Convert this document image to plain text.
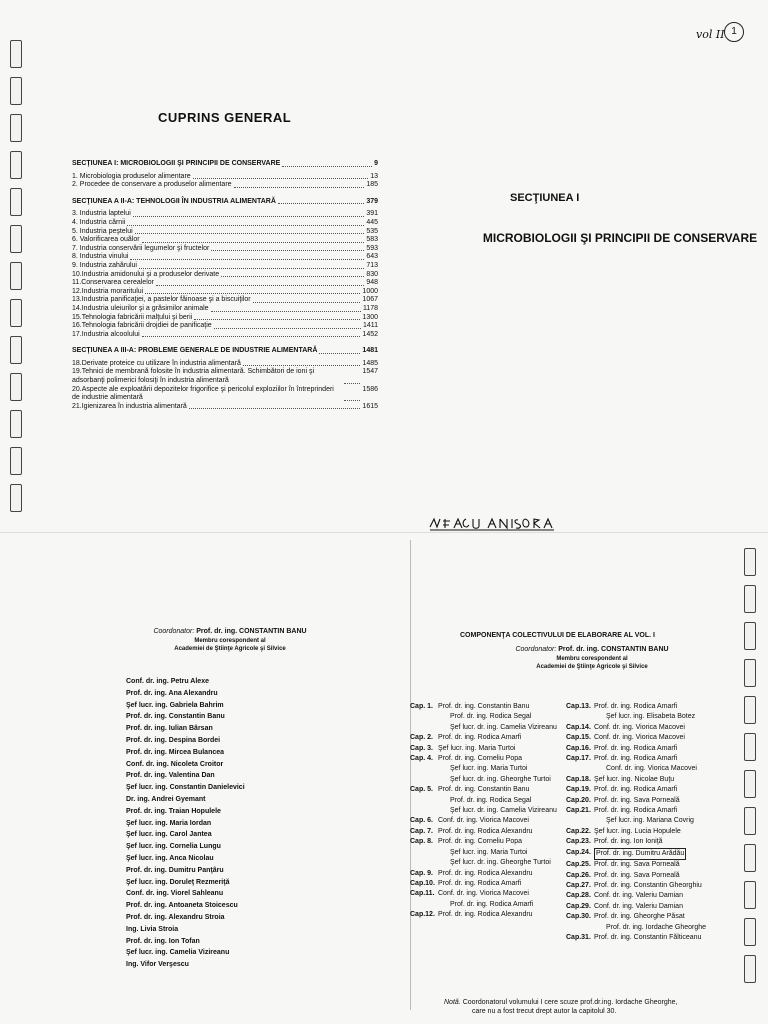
vol II 1
CUPRINS GENERAL
SECŢIUNEA I: MICROBIOLOGII ŞI PRINCIPII DE CONSERVARE	9
1. Microbiologia produselor alimentare	13
2. Procedee de conservare a produselor alimentare	185
SECŢIUNEA A II-A: TEHNOLOGII ÎN INDUSTRIA ALIMENTARĂ	379
3. Industria laptelui	391
4. Industria cărnii	445
5. Industria peştelui	535
6. Valorificarea ouălor	583
7. Industria conservării legumelor şi fructelor	593
8. Industria vinului	643
9. Industria zahărului	713
10.Industria amidonului şi a produselor derivate	830
11.Conservarea cerealelor	948
12.Industria moraritului	1000
13.Industria panificaţiei, a pastelor făinoase şi a biscuiţilor	1067
14.Industria uleiurilor şi a grăsimilor animale	1178
15.Tehnologia fabricării malţului şi berii	1300
16.Tehnologia fabricării drojdiei de panificaţie	1411
17.Industria alcoolului	1452
SECŢIUNEA A III-A: PROBLEME GENERALE DE INDUSTRIE ALIMENTARĂ	1481
18.Derivate proteice cu utilizare în industria alimentară	1485
19.Tehnici de membrană folosite în industria alimentară. Schimbători de ioni şi adsorbanţi polimerici folosiţi în industria alimentară
1547
20.Aspecte ale exploatării depozitelor frigorifice şi pericolul exploziilor în întreprinderi de industrie alimentară
1586
21.Igienizarea în industria alimentară	1615
SECŢIUNEA I
MICROBIOLOGII ŞI PRINCIPII DE CONSERVARE
Coordonator: Prof. dr. ing. CONSTANTIN BANU
Membru corespondent al
Academiei de Ştiinţe Agricole şi Silvice
Conf. dr. ing. Petru Alexe
Prof. dr. ing. Ana Alexandru
Şef lucr. ing. Gabriela Bahrim
Prof. dr. ing. Constantin Banu
Prof. dr. ing. Iulian Bârsan
Prof. dr. ing. Despina Bordei
Prof. dr. ing. Mircea Bulancea
Conf. dr. ing. Nicoleta Croitor
Prof. dr. ing. Valentina Dan
Şef lucr. ing. Constantin Danielevici
Dr. ing. Andrei Gyemant
Prof. dr. ing. Traian Hopulele
Şef lucr. ing. Maria Iordan
Şef lucr. ing. Carol Jantea
Şef lucr. ing. Cornelia Lungu
Şef lucr. ing. Anca Nicolau
Prof. dr. ing. Dumitru Panţâru
Şef lucr. ing. Doruleţ Rezmeriţă
Conf. dr. ing. Viorel Sahleanu
Prof. dr. ing. Antoaneta Stoicescu
Prof. dr. ing. Alexandru Stroia
Ing. Livia Stroia
Prof. dr. ing. Ion Tofan
Şef lucr. ing. Camelia Vizireanu
Ing. Vifor Verşescu
COMPONENŢA COLECTIVULUI DE ELABORARE AL VOL. I
Coordonator: Prof. dr. ing. CONSTANTIN BANU
Membru corespondent al
Academiei de Ştiinţe Agricole şi Silvice
Cap. 1. Prof. dr. ing. Constantin Banu
Prof. dr. ing. Rodica Segal
Şef lucr. dr. ing. Camelia Vizireanu
Cap. 2. Prof. dr. ing. Rodica Amarfi
Cap. 3. Şef lucr. ing. Maria Turtoi
Cap. 4. Prof. dr. ing. Corneliu Popa
Şef lucr. ing. Maria Turtoi
Şef lucr. dr. ing. Gheorghe Turtoi
Cap. 5. Prof. dr. ing. Constantin Banu
Prof. dr. ing. Rodica Segal
Şef lucr. dr. ing. Camelia Vizireanu
Cap. 6. Conf. dr. ing. Viorica Macovei
Cap. 7. Prof. dr. ing. Rodica Alexandru
Cap. 8. Prof. dr. ing. Corneliu Popa
Şef lucr. ing. Maria Turtoi
Şef lucr. dr. ing. Gheorghe Turtoi
Cap. 9. Prof. dr. ing. Rodica Alexandru
Cap.10. Prof. dr. ing. Rodica Amarfi
Cap.11. Conf. dr. ing. Viorica Macovei
Prof. dr. ing. Rodica Amarfi
Cap.12. Prof. dr. ing. Rodica Alexandru
Cap.13. Prof. dr. ing. Rodica Amarfi
Şef lucr. ing. Elisabeta Botez
Cap.14. Conf. dr. ing. Viorica Macovei
Cap.15. Conf. dr. ing. Viorica Macovei
Cap.16. Prof. dr. ing. Rodica Amarfi
Cap.17. Prof. dr. ing. Rodica Amarfi
Conf. dr. ing. Viorica Macovei
Cap.18. Şef lucr. ing. Nicolae Buţu
Cap.19. Prof. dr. ing. Rodica Amarfi
Cap.20. Prof. dr. ing. Sava Porneală
Cap.21. Prof. dr. ing. Rodica Amarfi
Şef lucr. ing. Mariana Covrig
Cap.22. Şef lucr. ing. Lucia Hopulele
Cap.23. Prof. dr. ing. Ion Ioniţă
Cap.24. Prof. dr. ing. Dumitru Arădău
Cap.25. Prof. dr. ing. Sava Porneală
Cap.26. Prof. dr. ing. Sava Porneală
Cap.27. Prof. dr. ing. Constantin Gheorghiu
Cap.28. Conf. dr. ing. Valeriu Damian
Cap.29. Conf. dr. ing. Valeriu Damian
Cap.30. Prof. dr. ing. Gheorghe Păsat
Prof. dr. ing. Iordache Gheorghe
Cap.31. Prof. dr. ing. Constantin Fălticeanu
Notă. Coordonatorul volumului I cere scuze prof.dr.ing. Iordache Gheorghe,
care nu a fost trecut drept autor la capitolul 30.
